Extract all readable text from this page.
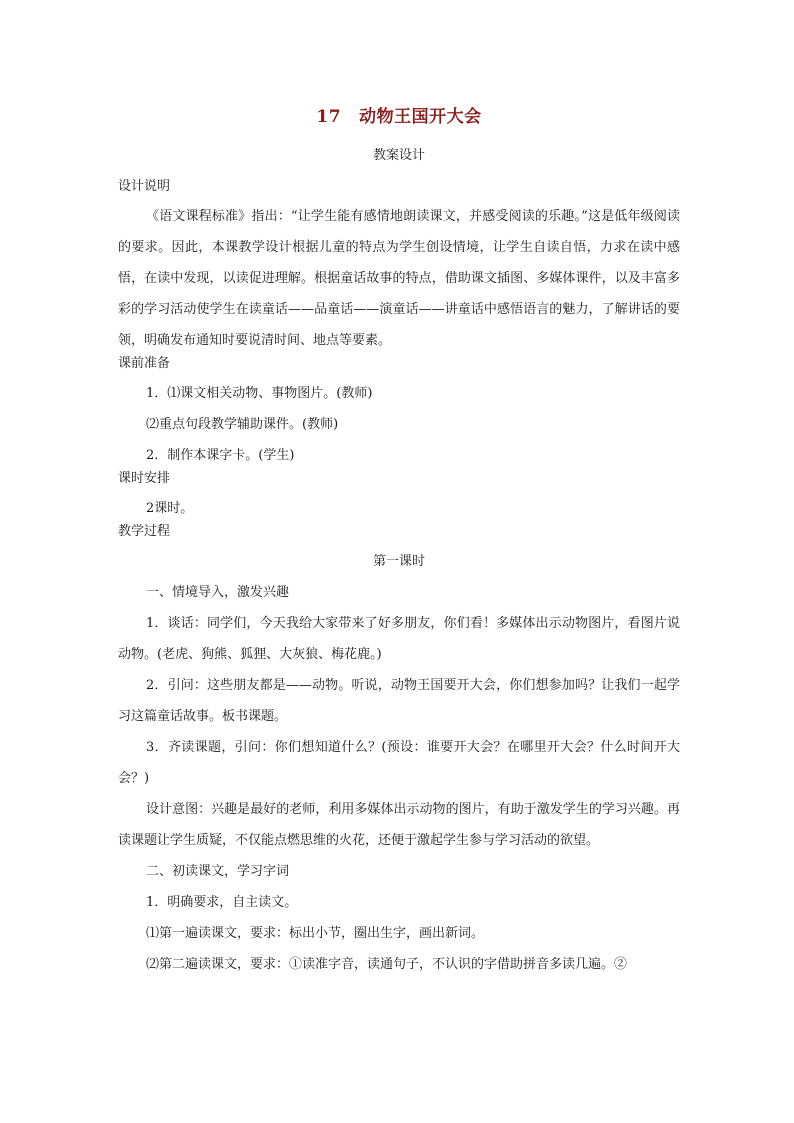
17 动物王国开大会
教案设计
设计说明

《语文课程标准》指出：“让学生能有感情地朗读课文，并感受阅读的乐趣。”这是低年级阅读的要求。因此，本课教学设计根据儿童的特点为学生创设情境，让学生自读自悟，力求在读中感悟，在读中发现，以读促进理解。根据童话故事的特点，借助课文插图、多媒体课件，以及丰富多彩的学习活动使学生在读童话——品童话——演童话——讲童话中感悟语言的魅力，了解讲话的要领，明确发布通知时要说清时间、地点等要素。

课前准备

1．⑴课文相关动物、事物图片。(教师)

⑵重点句段教学辅助课件。(教师)

2．制作本课字卡。(学生)

课时安排

2课时。

教学过程

第一课时

一、情境导入，激发兴趣

1．谈话：同学们，今天我给大家带来了好多朋友，你们看！多媒体出示动物图片，看图片说动物。(老虎、狗熊、狐狸、大灰狼、梅花鹿。)

2．引问：这些朋友都是——动物。听说，动物王国要开大会，你们想参加吗？让我们一起学习这篇童话故事。板书课题。

3．齐读课题，引问：你们想知道什么？(预设：谁要开大会？在哪里开大会？什么时间开大会？)

设计意图：兴趣是最好的老师，利用多媒体出示动物的图片，有助于激发学生的学习兴趣。再读课题让学生质疑，不仅能点燃思维的火花，还便于激起学生参与学习活动的欲望。

二、初读课文，学习字词

1．明确要求，自主读文。

⑴第一遍读课文，要求：标出小节，圈出生字，画出新词。

⑵第二遍读课文，要求：①读准字音，读通句子，不认识的字借助拼音多读几遍。②
